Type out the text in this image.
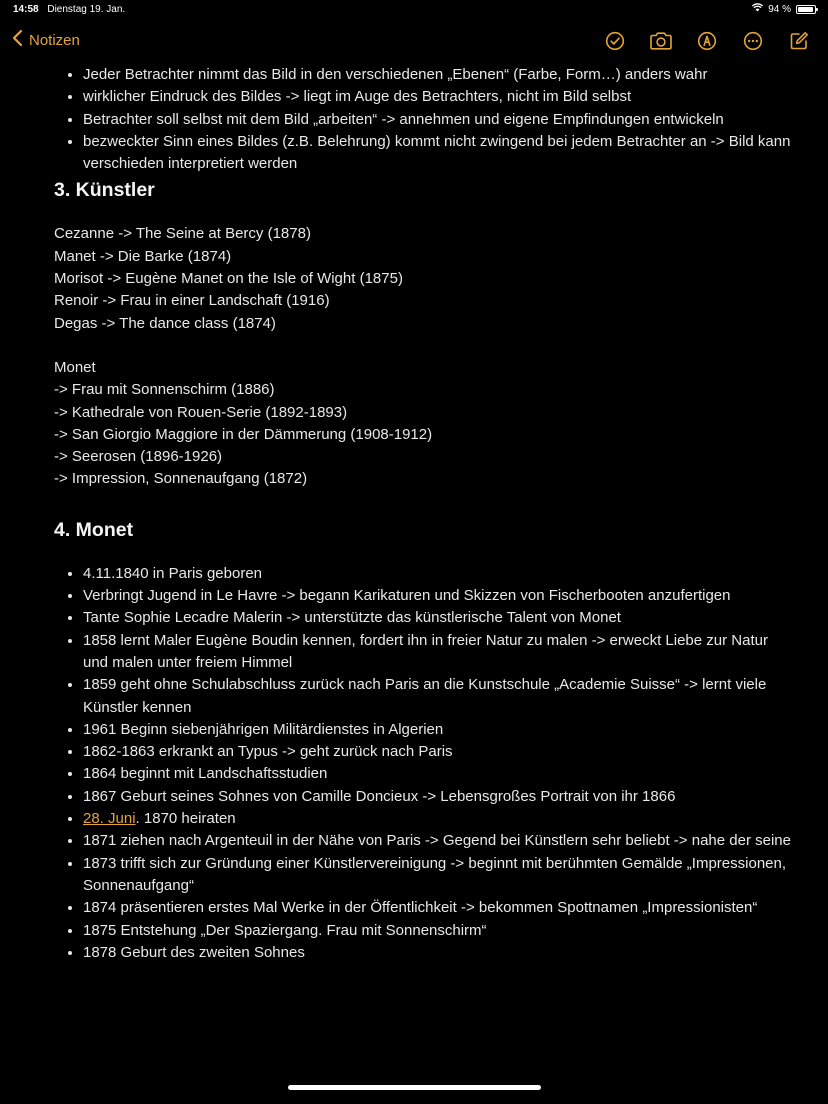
14:58 Dienstag 19. Jan.	94 %
Notizen
• Jeder Betrachter nimmt das Bild in den verschiedenen „Ebenen“ (Farbe, Form…) anders wahr
• wirklicher Eindruck des Bildes -> liegt im Auge des Betrachters, nicht im Bild selbst
• Betrachter soll selbst mit dem Bild „arbeiten“ -> annehmen und eigene Empfindungen entwickeln
• bezweckter Sinn eines Bildes (z.B. Belehrung) kommt nicht zwingend bei jedem Betrachter an -> Bild kann verschieden interpretiert werden
3. Künstler
Cezanne -> The Seine at Bercy (1878)
Manet -> Die Barke (1874)
Morisot -> Eugène Manet on the Isle of Wight (1875)
Renoir -> Frau in einer Landschaft (1916)
Degas -> The dance class (1874)
Monet
-> Frau mit Sonnenschirm (1886)
-> Kathedrale von Rouen-Serie (1892-1893)
-> San Giorgio Maggiore in der Dämmerung (1908-1912)
-> Seerosen (1896-1926)
-> Impression, Sonnenaufgang (1872)
4. Monet
• 4.11.1840 in Paris geboren
• Verbringt Jugend in Le Havre -> begann Karikaturen und Skizzen von Fischerbooten anzufertigen
• Tante Sophie Lecadre Malerin -> unterstützte das künstlerische Talent von Monet
• 1858 lernt Maler Eugène Boudin kennen, fordert ihn in freier Natur zu malen -> erweckt Liebe zur Natur und malen unter freiem Himmel
• 1859 geht ohne Schulabschluss zurück nach Paris an die Kunstschule „Academie Suisse“ -> lernt viele Künstler kennen
• 1961 Beginn siebenjährigen Militärdienstes in Algerien
• 1862-1863 erkrankt an Typus -> geht zurück nach Paris
• 1864 beginnt mit Landschaftsstudien
• 1867 Geburt seines Sohnes von Camille Doncieux -> Lebensgroßes Portrait von ihr 1866
• 28. Juni. 1870 heiraten
• 1871 ziehen nach Argenteuil in der Nähe von Paris -> Gegend bei Künstlern sehr beliebt -> nahe der seine
• 1873 trifft sich zur Gründung einer Künstlervereinigung -> beginnt mit berühmten Gemälde „Impressionen, Sonnenaufgang“
• 1874 präsentieren erstes Mal Werke in der Öffentlichkeit -> bekommen Spottnamen „Impressionisten“
• 1875 Entstehung „Der Spaziergang. Frau mit Sonnenschirm“
• 1878 Geburt des zweiten Sohnes
